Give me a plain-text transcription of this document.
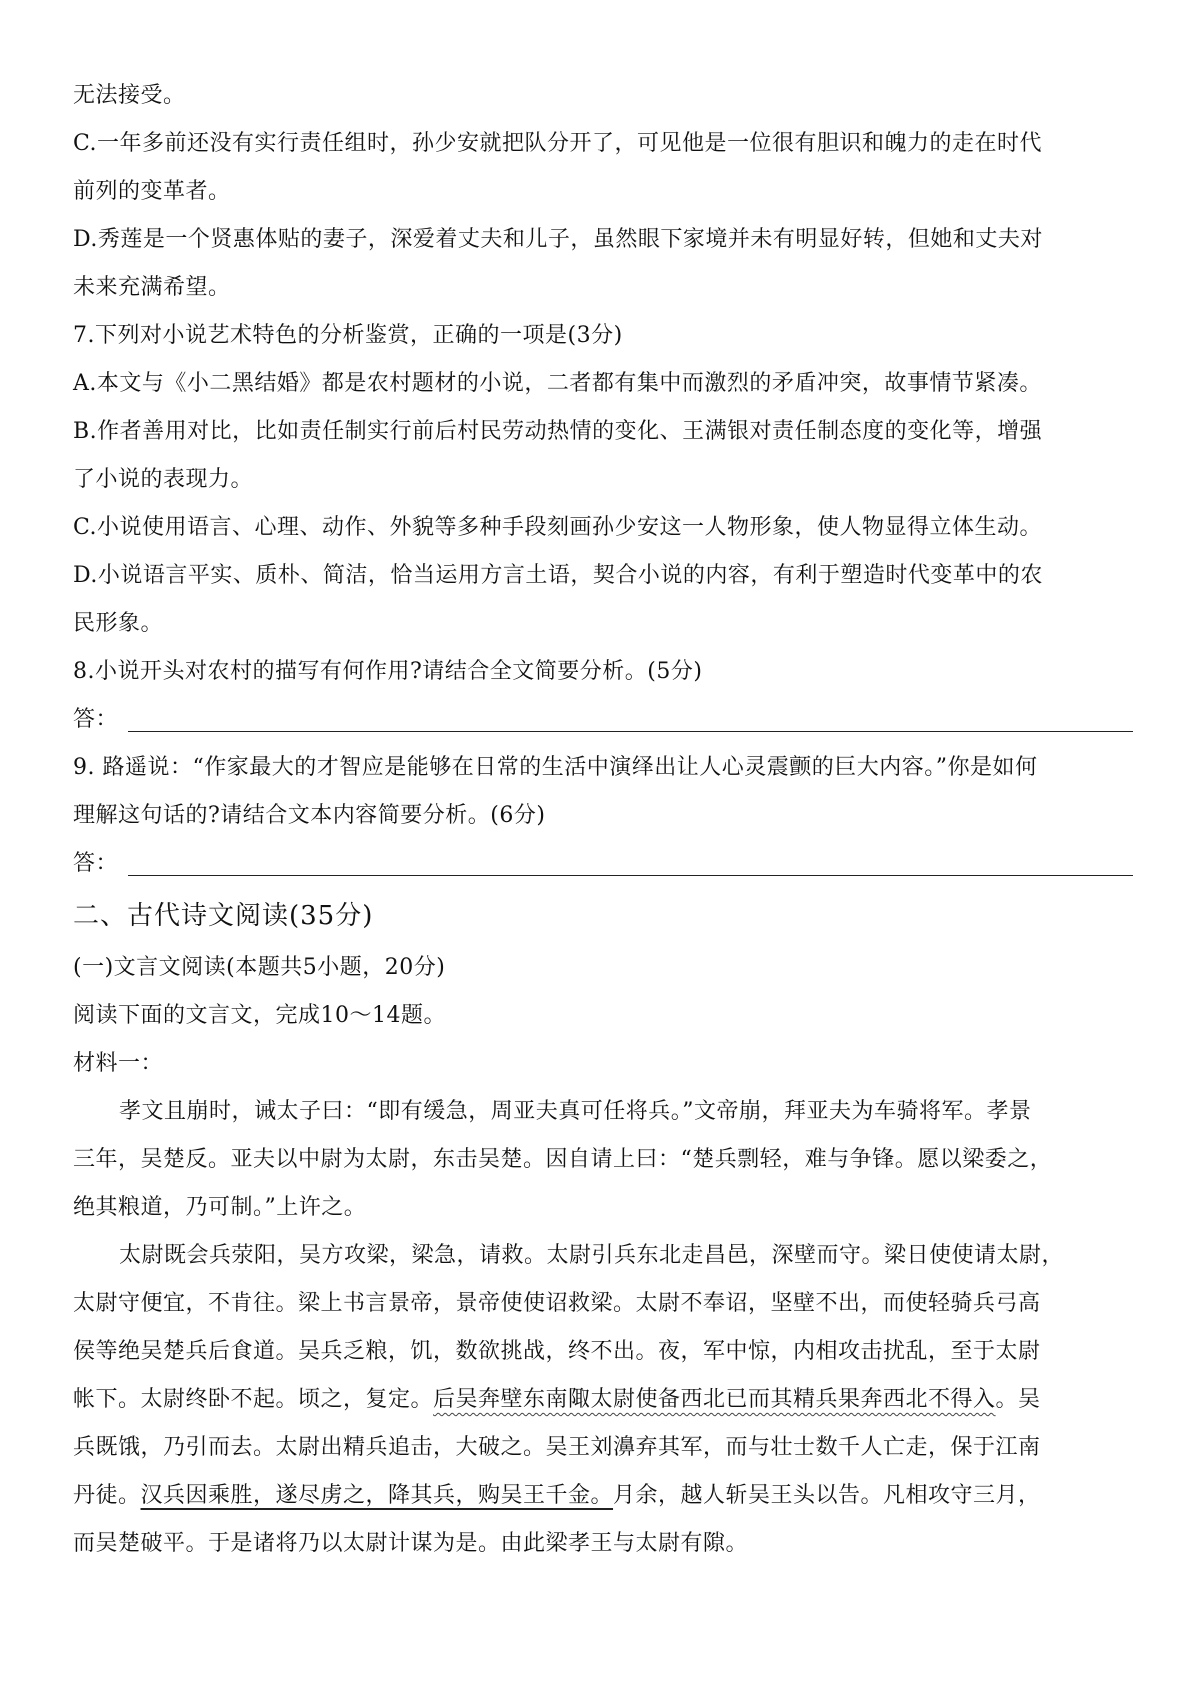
无法接受。
C.一年多前还没有实行责任组时，孙少安就把队分开了，可见他是一位很有胆识和魄力的走在时代
前列的变革者。
D.秀莲是一个贤惠体贴的妻子，深爱着丈夫和儿子，虽然眼下家境并未有明显好转，但她和丈夫对
未来充满希望。
7.下列对小说艺术特色的分析鉴赏，正确的一项是(3分)
A.本文与《小二黑结婚》都是农村题材的小说，二者都有集中而激烈的矛盾冲突，故事情节紧凑。
B.作者善用对比，比如责任制实行前后村民劳动热情的变化、王满银对责任制态度的变化等，增强
了小说的表现力。
C.小说使用语言、心理、动作、外貌等多种手段刻画孙少安这一人物形象，使人物显得立体生动。
D.小说语言平实、质朴、简洁，恰当运用方言土语，契合小说的内容，有利于塑造时代变革中的农
民形象。
8.小说开头对农村的描写有何作用?请结合全文简要分析。(5分)
答：
9. 路遥说：“作家最大的才智应是能够在日常的生活中演绎出让人心灵震颤的巨大内容。”你是如何
理解这句话的?请结合文本内容简要分析。(6分)
答：
二、古代诗文阅读(35分)
(一)文言文阅读(本题共5小题，20分)
阅读下面的文言文，完成10～14题。
材料一：
孝文且崩时，诫太子曰：“即有缓急，周亚夫真可任将兵。”文帝崩，拜亚夫为车骑将军。孝景
三年，吴楚反。亚夫以中尉为太尉，东击吴楚。因自请上曰：“楚兵剽轻，难与争锋。愿以梁委之，
绝其粮道，乃可制。”上许之。
太尉既会兵荥阳，吴方攻梁，梁急，请救。太尉引兵东北走昌邑，深壁而守。梁日使使请太尉，
太尉守便宜，不肯往。梁上书言景帝，景帝使使诏救梁。太尉不奉诏，坚壁不出，而使轻骑兵弓高
侯等绝吴楚兵后食道。吴兵乏粮，饥，数欲挑战，终不出。夜，军中惊，内相攻击扰乱，至于太尉
帐下。太尉终卧不起。顷之，复定。后吴奔壁东南陬太尉使备西北已而其精兵果奔西北不得入。吴
兵既饿，乃引而去。太尉出精兵追击，大破之。吴王刘濞弃其军，而与壮士数千人亡走，保于江南
丹徒。汉兵因乘胜，遂尽虏之，降其兵，购吴王千金。月余，越人斩吴王头以告。凡相攻守三月，
而吴楚破平。于是诸将乃以太尉计谋为是。由此梁孝王与太尉有隙。
